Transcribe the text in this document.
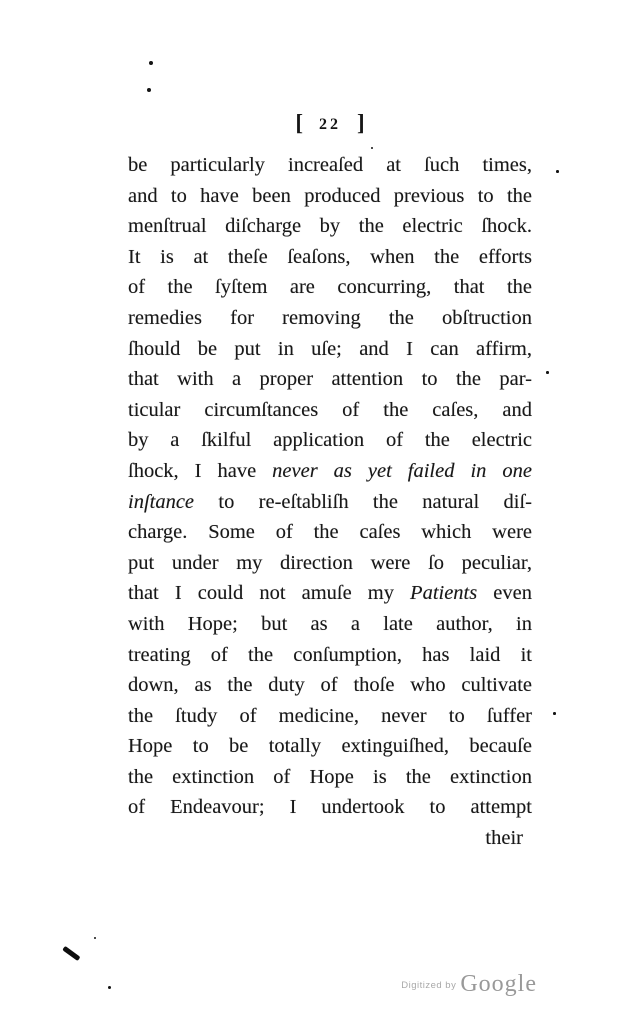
[ 22 ]
be particularly increaſed at ſuch times,
and to have been produced previous to the
menſtrual diſcharge by the electric ſhock.
It is at theſe ſeaſons, when the efforts
of the ſyſtem are concurring, that the
remedies for removing the obſtruction
ſhould be put in uſe; and I can affirm,
that with a proper attention to the par-
ticular circumſtances of the caſes, and
by a ſkilful application of the electric
ſhock, I have never as yet failed in one
inſtance to re-eſtabliſh the natural diſ-
charge. Some of the caſes which were
put under my direction were ſo peculiar,
that I could not amuſe my Patients even
with Hope; but as a late author, in
treating of the conſumption, has laid it
down, as the duty of thoſe who cultivate
the ſtudy of medicine, never to ſuffer
Hope to be totally extinguiſhed, becauſe
the extinction of Hope is the extinction
of Endeavour; I undertook to attempt
their
Digitized by Google
